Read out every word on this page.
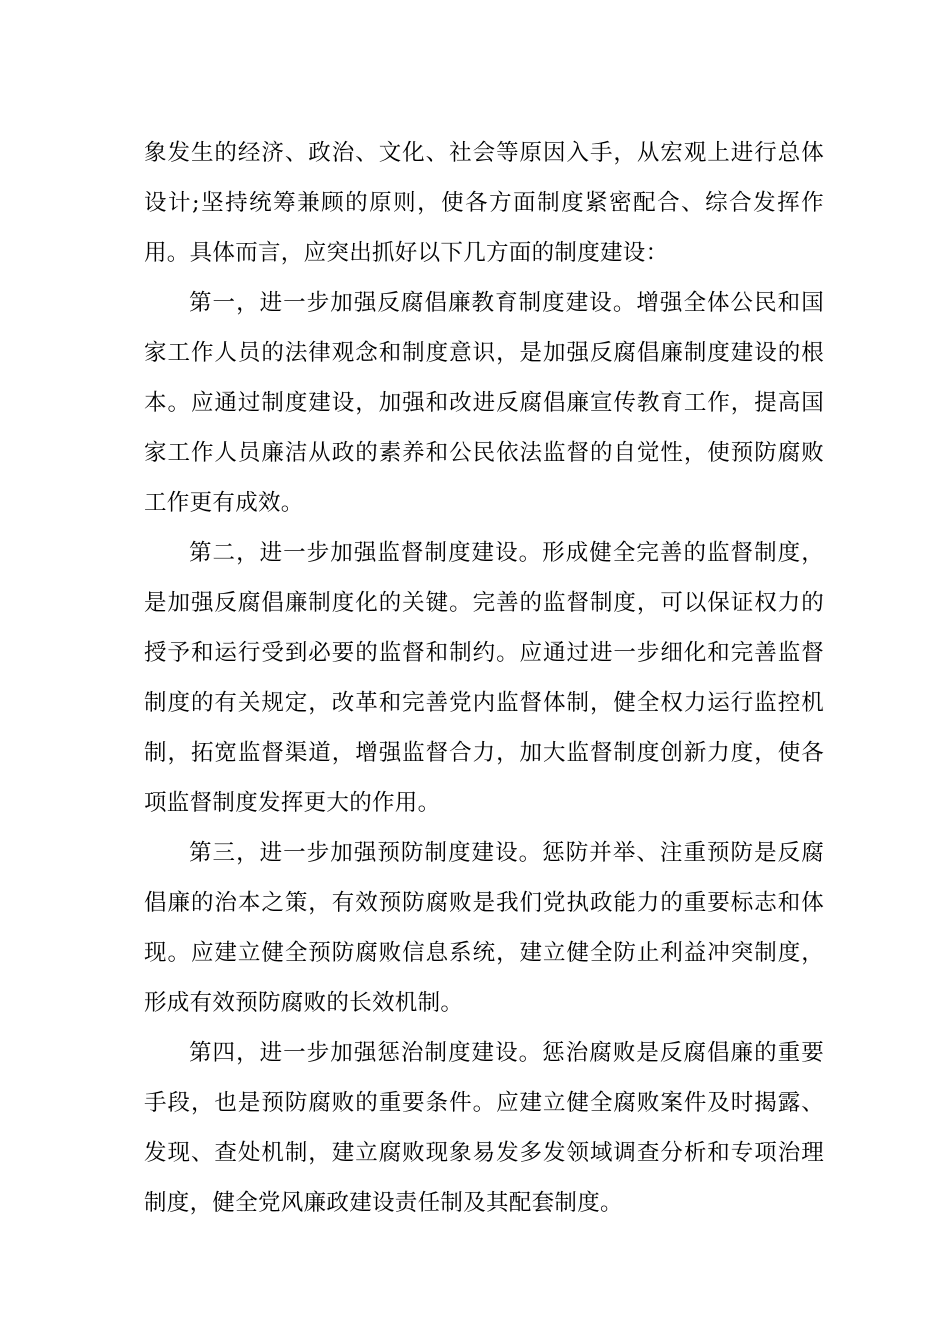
象发生的经济、政治、文化、社会等原因入手，从宏观上进行总体设计;坚持统筹兼顾的原则，使各方面制度紧密配合、综合发挥作用。具体而言，应突出抓好以下几方面的制度建设：

第一，进一步加强反腐倡廉教育制度建设。增强全体公民和国家工作人员的法律观念和制度意识，是加强反腐倡廉制度建设的根本。应通过制度建设，加强和改进反腐倡廉宣传教育工作，提高国家工作人员廉洁从政的素养和公民依法监督的自觉性，使预防腐败工作更有成效。

第二，进一步加强监督制度建设。形成健全完善的监督制度，是加强反腐倡廉制度化的关键。完善的监督制度，可以保证权力的授予和运行受到必要的监督和制约。应通过进一步细化和完善监督制度的有关规定，改革和完善党内监督体制，健全权力运行监控机制，拓宽监督渠道，增强监督合力，加大监督制度创新力度，使各项监督制度发挥更大的作用。

第三，进一步加强预防制度建设。惩防并举、注重预防是反腐倡廉的治本之策，有效预防腐败是我们党执政能力的重要标志和体现。应建立健全预防腐败信息系统，建立健全防止利益冲突制度，形成有效预防腐败的长效机制。

第四，进一步加强惩治制度建设。惩治腐败是反腐倡廉的重要手段，也是预防腐败的重要条件。应建立健全腐败案件及时揭露、发现、查处机制，建立腐败现象易发多发领域调查分析和专项治理制度，健全党风廉政建设责任制及其配套制度。
